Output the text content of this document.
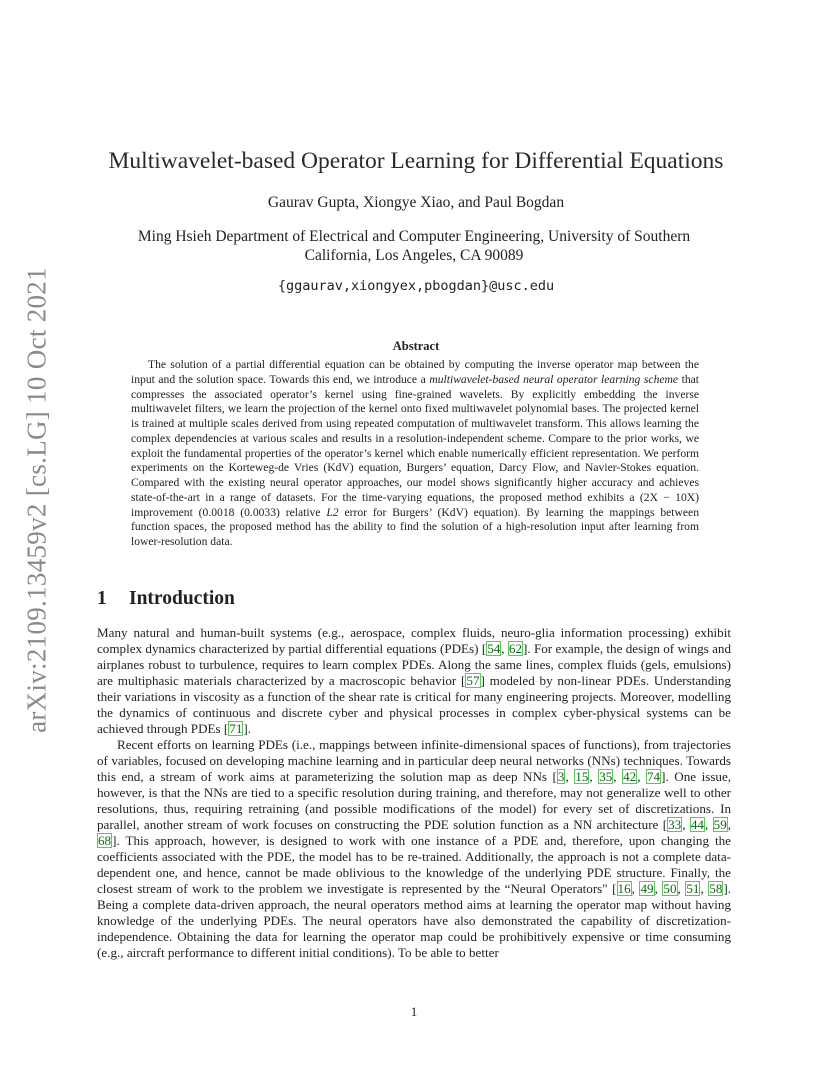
arXiv:2109.13459v2 [cs.LG] 10 Oct 2021
Multiwavelet-based Operator Learning for Differential Equations

Gaurav Gupta, Xiongye Xiao, and Paul Bogdan

Ming Hsieh Department of Electrical and Computer Engineering, University of Southern
California, Los Angeles, CA 90089

{ggaurav,xiongyex,pbogdan}@usc.edu

Abstract

The solution of a partial differential equation can be obtained by computing the inverse operator map between the input and the solution space. Towards this end, we introduce a multiwavelet-based neural operator learning scheme that compresses the associated operator’s kernel using fine-grained wavelets. By explicitly embedding the inverse multiwavelet filters, we learn the projection of the kernel onto fixed multiwavelet polynomial bases. The projected kernel is trained at multiple scales derived from using repeated computation of multiwavelet transform. This allows learning the complex dependencies at various scales and results in a resolution-independent scheme. Compare to the prior works, we exploit the fundamental properties of the operator’s kernel which enable numerically efficient representation. We perform experiments on the Korteweg-de Vries (KdV) equation, Burgers’ equation, Darcy Flow, and Navier-Stokes equation. Compared with the existing neural operator approaches, our model shows significantly higher accuracy and achieves state-of-the-art in a range of datasets. For the time-varying equations, the proposed method exhibits a (2X − 10X) improvement (0.0018 (0.0033) relative L2 error for Burgers’ (KdV) equation). By learning the mappings between function spaces, the proposed method has the ability to find the solution of a high-resolution input after learning from lower-resolution data.

1 Introduction

Many natural and human-built systems (e.g., aerospace, complex fluids, neuro-glia information processing) exhibit complex dynamics characterized by partial differential equations (PDEs) [54, 62]. For example, the design of wings and airplanes robust to turbulence, requires to learn complex PDEs. Along the same lines, complex fluids (gels, emulsions) are multiphasic materials characterized by a macroscopic behavior [57] modeled by non-linear PDEs. Understanding their variations in viscosity as a function of the shear rate is critical for many engineering projects. Moreover, modelling the dynamics of continuous and discrete cyber and physical processes in complex cyber-physical systems can be achieved through PDEs [71].

Recent efforts on learning PDEs (i.e., mappings between infinite-dimensional spaces of functions), from trajectories of variables, focused on developing machine learning and in particular deep neural networks (NNs) techniques. Towards this end, a stream of work aims at parameterizing the solution map as deep NNs [3, 15, 35, 42, 74]. One issue, however, is that the NNs are tied to a specific resolution during training, and therefore, may not generalize well to other resolutions, thus, requiring retraining (and possible modifications of the model) for every set of discretizations. In parallel, another stream of work focuses on constructing the PDE solution function as a NN architecture [33, 44, 59, 68]. This approach, however, is designed to work with one instance of a PDE and, therefore, upon changing the coefficients associated with the PDE, the model has to be re-trained. Additionally, the approach is not a complete data-dependent one, and hence, cannot be made oblivious to the knowledge of the underlying PDE structure. Finally, the closest stream of work to the problem we investigate is represented by the “Neural Operators" [16, 49, 50, 51, 58]. Being a complete data-driven approach, the neural operators method aims at learning the operator map without having knowledge of the underlying PDEs. The neural operators have also demonstrated the capability of discretization-independence. Obtaining the data for learning the operator map could be prohibitively expensive or time consuming (e.g., aircraft performance to different initial conditions). To be able to better

1
